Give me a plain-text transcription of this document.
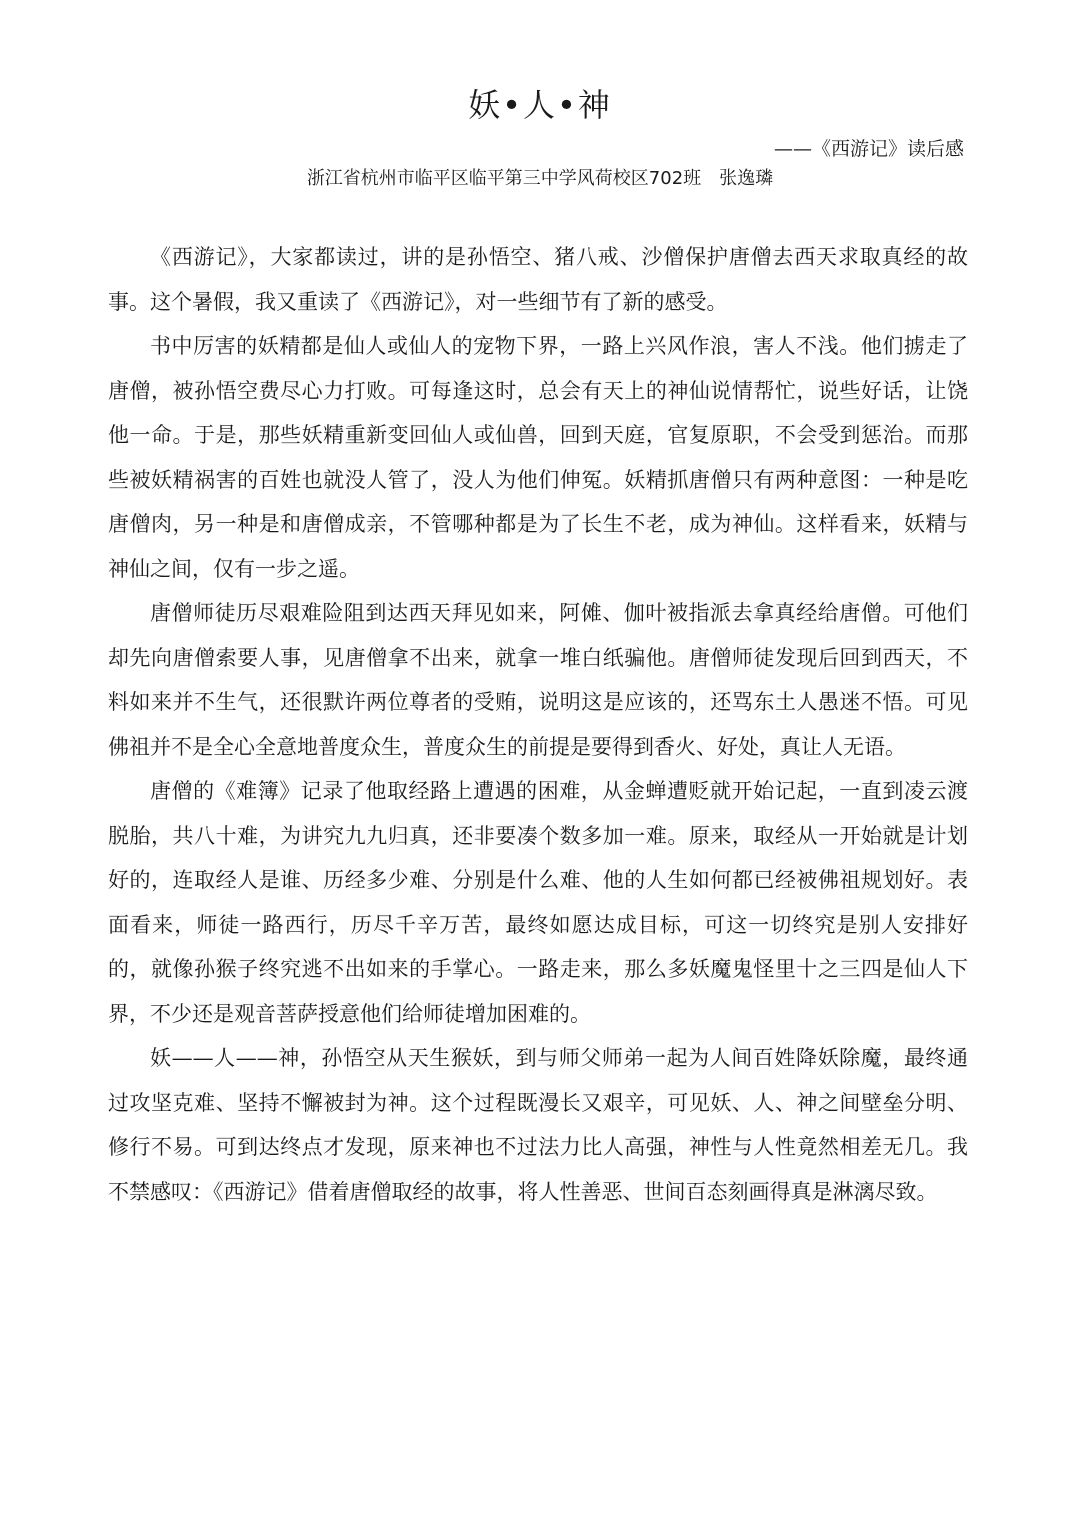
妖•人•神

——《西游记》读后感

浙江省杭州市临平区临平第三中学风荷校区702班 张逸璘

《西游记》，大家都读过，讲的是孙悟空、猪八戒、沙僧保护唐僧去西天求取真经的故事。这个暑假，我又重读了《西游记》，对一些细节有了新的感受。

书中厉害的妖精都是仙人或仙人的宠物下界，一路上兴风作浪，害人不浅。他们掳走了唐僧，被孙悟空费尽心力打败。可每逢这时，总会有天上的神仙说情帮忙，说些好话，让饶他一命。于是，那些妖精重新变回仙人或仙兽，回到天庭，官复原职，不会受到惩治。而那些被妖精祸害的百姓也就没人管了，没人为他们伸冤。妖精抓唐僧只有两种意图：一种是吃唐僧肉，另一种是和唐僧成亲，不管哪种都是为了长生不老，成为神仙。这样看来，妖精与神仙之间，仅有一步之遥。

唐僧师徒历尽艰难险阻到达西天拜见如来，阿傩、伽叶被指派去拿真经给唐僧。可他们却先向唐僧索要人事，见唐僧拿不出来，就拿一堆白纸骗他。唐僧师徒发现后回到西天，不料如来并不生气，还很默许两位尊者的受贿，说明这是应该的，还骂东土人愚迷不悟。可见佛祖并不是全心全意地普度众生，普度众生的前提是要得到香火、好处，真让人无语。

唐僧的《难簿》记录了他取经路上遭遇的困难，从金蝉遭贬就开始记起，一直到凌云渡脱胎，共八十难，为讲究九九归真，还非要凑个数多加一难。原来，取经从一开始就是计划好的，连取经人是谁、历经多少难、分别是什么难、他的人生如何都已经被佛祖规划好。表面看来，师徒一路西行，历尽千辛万苦，最终如愿达成目标，可这一切终究是别人安排好的，就像孙猴子终究逃不出如来的手掌心。一路走来，那么多妖魔鬼怪里十之三四是仙人下界，不少还是观音菩萨授意他们给师徒增加困难的。

妖——人——神，孙悟空从天生猴妖，到与师父师弟一起为人间百姓降妖除魔，最终通过攻坚克难、坚持不懈被封为神。这个过程既漫长又艰辛，可见妖、人、神之间壁垒分明、修行不易。可到达终点才发现，原来神也不过法力比人高强，神性与人性竟然相差无几。我不禁感叹：《西游记》借着唐僧取经的故事，将人性善恶、世间百态刻画得真是淋漓尽致。
